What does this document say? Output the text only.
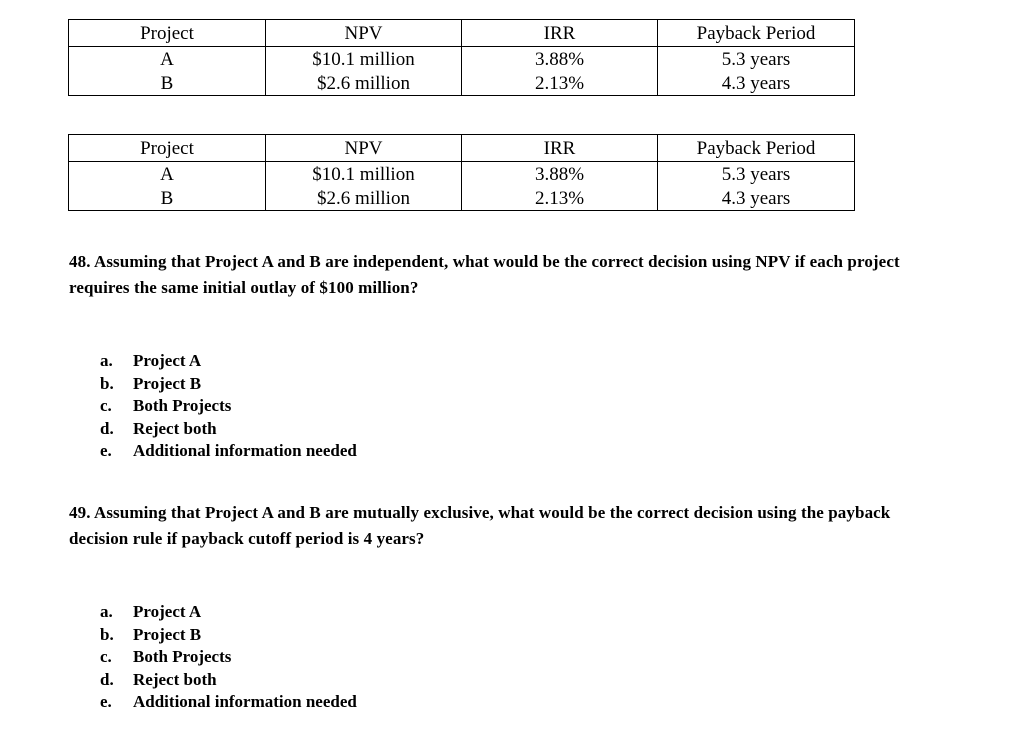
Project	NPV	IRR	Payback Period
A	$10.1 million	3.88%	5.3 years
B	$2.6 million	2.13%	4.3 years
Project	NPV	IRR	Payback Period
A	$10.1 million	3.88%	5.3 years
B	$2.6 million	2.13%	4.3 years
48. Assuming that Project A and B are independent, what would be the correct decision using NPV if each project requires the same initial outlay of $100 million?
a. Project A
b. Project B
c. Both Projects
d. Reject both
e. Additional information needed
49. Assuming that Project A and B are mutually exclusive, what would be the correct decision using the payback decision rule if payback cutoff period is 4 years?
a. Project A
b. Project B
c. Both Projects
d. Reject both
e. Additional information needed
